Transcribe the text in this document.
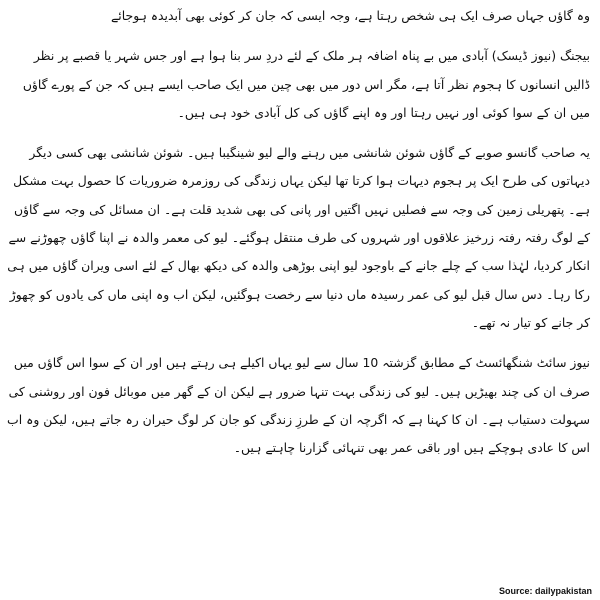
وہ گاؤں جہاں صرف ایک ہی شخص رہتا ہے، وجہ ایسی کہ جان کر کوئی بھی آبدیدہ ہوجائے

بیجنگ (نیوز ڈیسک) آبادی میں بے پناہ اضافہ ہر ملک کے لئے دردِ سر بنا ہوا ہے اور جس شہر یا قصبے پر نظر ڈالیں انسانوں کا ہجوم نظر آتا ہے، مگر اس دور میں بھی چین میں ایک صاحب ایسے ہیں کہ جن کے پورے گاؤں میں ان کے سوا کوئی اور نہیں رہتا اور وہ اپنے گاؤں کی کل آبادی خود ہی ہیں۔

یہ صاحب گانسو صوبے کے گاؤں شوئن شانشی میں رہنے والے لیو شینگیبا ہیں۔ شوئن شانشی بھی کسی دیگر دیہاتوں کی طرح ایک پر ہجوم دیہات ہوا کرتا تھا لیکن یہاں زندگی کی روزمرہ ضروریات کا حصول بہت مشکل ہے۔ پتھریلی زمین کی وجہ سے فصلیں نہیں اگتیں اور پانی کی بھی شدید قلت ہے۔ ان مسائل کی وجہ سے گاؤں کے لوگ رفتہ رفتہ زرخیز علاقوں اور شہروں کی طرف منتقل ہوگئے۔ لیو کی معمر والدہ نے اپنا گاؤں چھوڑنے سے انکار کردیا، لہٰذا سب کے چلے جانے کے باوجود لیو اپنی بوڑھی والدہ کی دیکھ بھال کے لئے اسی ویران گاؤں میں ہی رکا رہا۔ دس سال قبل لیو کی عمر رسیدہ ماں دنیا سے رخصت ہوگئیں، لیکن اب وہ اپنی ماں کی یادوں کو چھوڑ کر جانے کو تیار نہ تھے۔

نیوز سائٹ شنگھائسٹ کے مطابق گزشتہ 10 سال سے لیو یہاں اکیلے ہی رہتے ہیں اور ان کے سوا اس گاؤں میں صرف ان کی چند بھیڑیں ہیں۔ لیو کی زندگی بہت تنہا ضرور ہے لیکن ان کے گھر میں موبائل فون اور روشنی کی سہولت دستیاب ہے۔ ان کا کہنا ہے کہ اگرچہ ان کے طرزِ زندگی کو جان کر لوگ حیران رہ جاتے ہیں، لیکن وہ اب اس کا عادی ہوچکے ہیں اور باقی عمر بھی تنہائی گزارنا چاہتے ہیں۔

Source: dailypakistan
